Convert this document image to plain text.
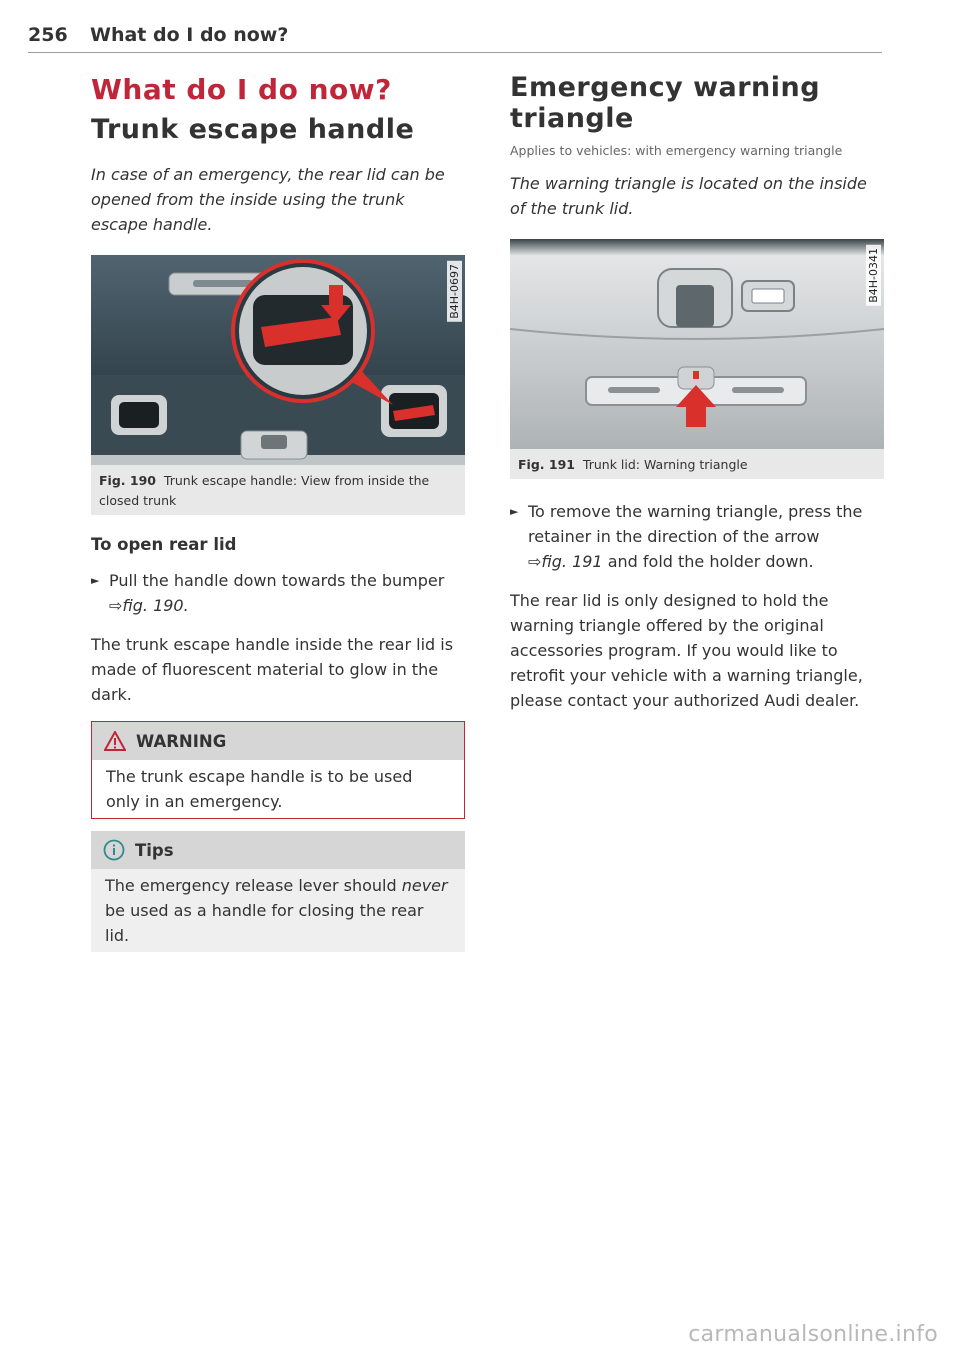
256 What do I do now?
What do I do now?
Trunk escape handle

In case of an emergency, the rear lid can be opened from the inside using the trunk escape handle.

B4H-0697
Fig. 190 Trunk escape handle: View from inside the closed trunk
To open rear lid
► Pull the handle down towards the bumper
⇨fig. 190.

The trunk escape handle inside the rear lid is made of fluorescent material to glow in the dark.

WARNING
The trunk escape handle is to be used only in an emergency.
Tips
The emergency release lever should never be used as a handle for closing the rear lid.
Emergency warning triangle

Applies to vehicles: with emergency warning triangle

The warning triangle is located on the inside of the trunk lid.

B4H-0341
Fig. 191 Trunk lid: Warning triangle
► To remove the warning triangle, press the retainer in the direction of the arrow
⇨fig. 191 and fold the holder down.

The rear lid is only designed to hold the warning triangle offered by the original accessories program. If you would like to retrofit your vehicle with a warning triangle, please contact your authorized Audi dealer.

carmanualsonline.info
